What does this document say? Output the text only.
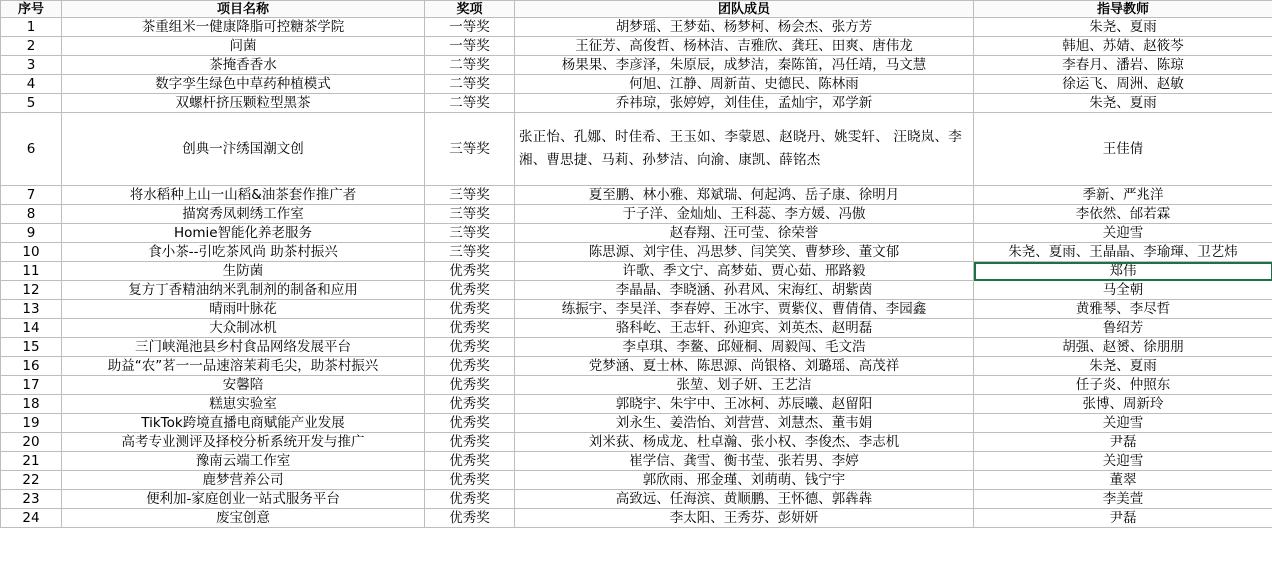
序号	项目名称	奖项	团队成员	指导教师
1	茶重组米一健康降脂可控糖茶学院	一等奖	胡梦瑶、王梦茹、杨梦柯、杨会杰、张方芳	朱尧、夏雨
2	问菌	一等奖	王征芳、高俊哲、杨林洁、吉雅欣、龚玨、田爽、唐伟龙	韩旭、苏婧、赵筱芩
3	茶掩香香水	二等奖	杨果果、李彦泽，朱原辰，成梦洁，秦陈笛，冯任靖，马文慧	李春月、潘岩、陈琼
4	数字孪生绿色中草药种植模式	二等奖	何旭、江静、周新苗、史德民、陈林雨	徐运飞、周洲、赵敏
5	双螺杆挤压颗粒型黑茶	二等奖	乔祎琼，张婷婷，刘佳佳，孟灿宇，邓学新	朱尧、夏雨
6	创典一汴绣国潮文创	三等奖	张正怡、孔娜、时佳希、王玉如、李蒙恩、赵晓丹、姚雯轩、 汪晓岚、李湘、曹思捷、马莉、孙梦洁、向渝、康凯、薛铭杰	王佳倩
7	将水稻种上山一山稻&油茶套作推广者	三等奖	夏至鹏、林小雅、郑斌瑞、何起鸿、岳子康、徐明月	季新、严兆洋
8	描窝秀凤刺绣工作室	三等奖	于子洋、金灿灿、王科蕊、李方媛、冯傲	李依然、邰若霖
9	Homie智能化养老服务	三等奖	赵春翔、汪可莹、徐荣誉	关迎雪
10	食小茶--引吃茶风尚 助茶村振兴	三等奖	陈思源、刘宇佳、冯思梦、闫笑笑、曹梦珍、董文郁	朱尧、夏雨、王晶晶、李瑜琿、卫艺炜
11	生防菌	优秀奖	许歌、季文宁、高梦茹、贾心茹、邢路毅	郑伟
12	复方丁香精油纳米乳制剂的制备和应用	优秀奖	李晶晶、李晓涵、孙君风、宋海红、胡紫茵	马全朝
13	晴雨叶脉花	优秀奖	练振宇、李昊洋、李春婷、王冰宇、贾紫仪、曹倩倩、李园鑫	黄雅琴、李尽哲
14	大众制冰机	优秀奖	骆科屹、王志轩、孙迎宾、刘英杰、赵明磊	鲁绍芳
15	三门峡渑池县乡村食品网络发展平台	优秀奖	李卓琪、李鳌、邱娅桐、周毅闯、毛文浩	胡强、赵赟、徐朋朋
16	助益“农”茗一一品速溶茉莉毛尖，助茶村振兴	优秀奖	党梦涵、夏士林、陈思源、尚银格、刘璐瑶、高茂祥	朱尧、夏雨
17	安馨陪	优秀奖	张堃、划子妍、王艺洁	任子炎、仲照东
18	糕崽实验室	优秀奖	郭晓宇、朱宇中、王冰柯、苏辰曦、赵留阳	张博、周新玲
19	TikTok跨境直播电商赋能产业发展	优秀奖	刘永生、姜浩怡、刘营营、刘慧杰、董韦娟	关迎雪
20	高考专业测评及择校分析系统开发与推广	优秀奖	刘米荻、杨成龙、杜卓瀚、张小权、李俊杰、李志机	尹磊
21	豫南云端工作室	优秀奖	崔学信、龚雪、衡书莹、张若男、李婷	关迎雪
22	鹿梦营养公司	优秀奖	郭欣雨、邢金瑾、刘萌萌、钱宁宇	董翠
23	便利加-家庭创业一站式服务平台	优秀奖	高致远、任海滨、黄顺鹏、王怀德、郭犇犇	李美萱
24	废宝创意	优秀奖	李太阳、王秀芬、彭妍妍	尹磊
